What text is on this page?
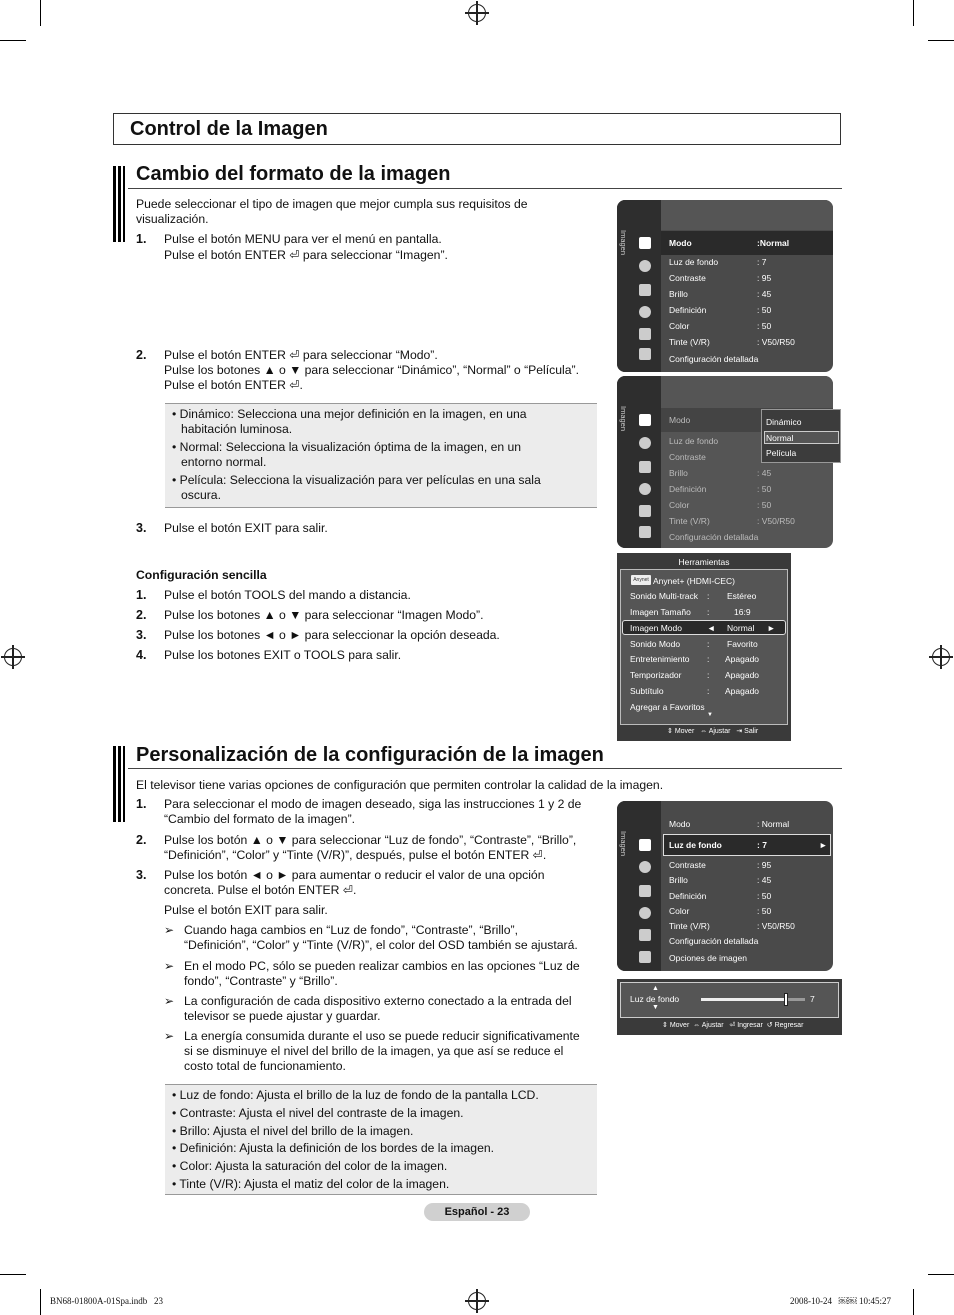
Control de la Imagen
Cambio del formato de la imagen
Puede seleccionar el tipo de imagen que mejor cumpla sus requisitos de visualización.
1. Pulse el botón MENU para ver el menú en pantalla.
Pulse el botón ENTER ⏎ para seleccionar “Imagen”.
2. Pulse el botón ENTER ⏎ para seleccionar “Modo”.
Pulse los botones ▲ o ▼ para seleccionar “Dinámico”, “Normal” o “Película”.
Pulse el botón ENTER ⏎.
• Dinámico: Selecciona una mejor definición en la imagen, en una
habitación luminosa.
• Normal: Selecciona la visualización óptima de la imagen, en un
entorno normal.
• Película: Selecciona la visualización para ver películas en una sala
oscura.
3. Pulse el botón EXIT para salir.
Configuración sencilla
1. Pulse el botón TOOLS del mando a distancia.
2. Pulse los botones ▲ o ▼ para seleccionar “Imagen Modo”.
3. Pulse los botones ◄ o ► para seleccionar la opción deseada.
4. Pulse los botones EXIT o TOOLS para salir.
Imagen	Modo	:Normal
Luz de fondo	: 7
Contraste	: 95
Brillo	: 45
Definición	: 50
Color	: 50
Tinte (V/R)	: V50/R50
Configuración detallada
Imagen	Modo
Luz de fondo
Contraste
Brillo	: 45
Definición	: 50
Color	: 50
Tinte (V/R)	: V50/R50
Configuración detallada
Dinámico
Normal
Película
Herramientas
Anynet Anynet+ (HDMI-CEC)
Sonido Multi-track : Estéreo
Imagen Tamaño :	16:9
Imagen Modo	◄ Normal ►
Sonido Modo	: Favorito
Entretenimiento : Apagado
Temporizador	: Apagado
Subtítulo	: Apagado
Agregar a Favoritos
▼
⇕ Mover ⇔ Ajustar ⇥ Salir
Personalización de la configuración de la imagen
El televisor tiene varias opciones de configuración que permiten controlar la calidad de la imagen.
1. Para seleccionar el modo de imagen deseado, siga las instrucciones 1 y 2 de
“Cambio del formato de la imagen”.
2. Pulse los botón ▲ o ▼ para seleccionar “Luz de fondo”, “Contraste”, “Brillo”,
“Definición”, “Color” y “Tinte (V/R)”, después, pulse el botón ENTER ⏎.
3. Pulse los botón ◄ o ► para aumentar o reducir el valor de una opción
concreta. Pulse el botón ENTER ⏎.
Pulse el botón EXIT para salir.
➢ Cuando haga cambios en “Luz de fondo”, “Contraste”, “Brillo”,
“Definición”, “Color” y “Tinte (V/R)”, el color del OSD también se ajustará.
➢ En el modo PC, sólo se pueden realizar cambios en las opciones “Luz de
fondo”, “Contraste” y “Brillo”.
➢ La configuración de cada dispositivo externo conectado a la entrada del
televisor se puede ajustar y guardar.
➢ La energía consumida durante el uso se puede reducir significativamente
si se disminuye el nivel del brillo de la imagen, ya que así se reduce el
costo total de funcionamiento.
• Luz de fondo: Ajusta el brillo de la luz de fondo de la pantalla LCD.
• Contraste: Ajusta el nivel del contraste de la imagen.
• Brillo: Ajusta el nivel del brillo de la imagen.
• Definición: Ajusta la definición de los bordes de la imagen.
• Color: Ajusta la saturación del color de la imagen.
• Tinte (V/R): Ajusta el matiz del color de la imagen.
Imagen
Modo	: Normal
Luz de fondo	: 7	►
Contraste	: 95
Brillo	: 45
Definición	: 50
Color	: 50
Tinte (V/R)	: V50/R50
Configuración detallada
Opciones de imagen
Luz de fondo
▲
▼
7
⇕ Mover ⇔ Ajustar ⏎ Ingresar ↺ Regresar
Español - 23
BN68-01800A-01Spa.indb   23	2008-10-24   ￼￼ 10:45:27
